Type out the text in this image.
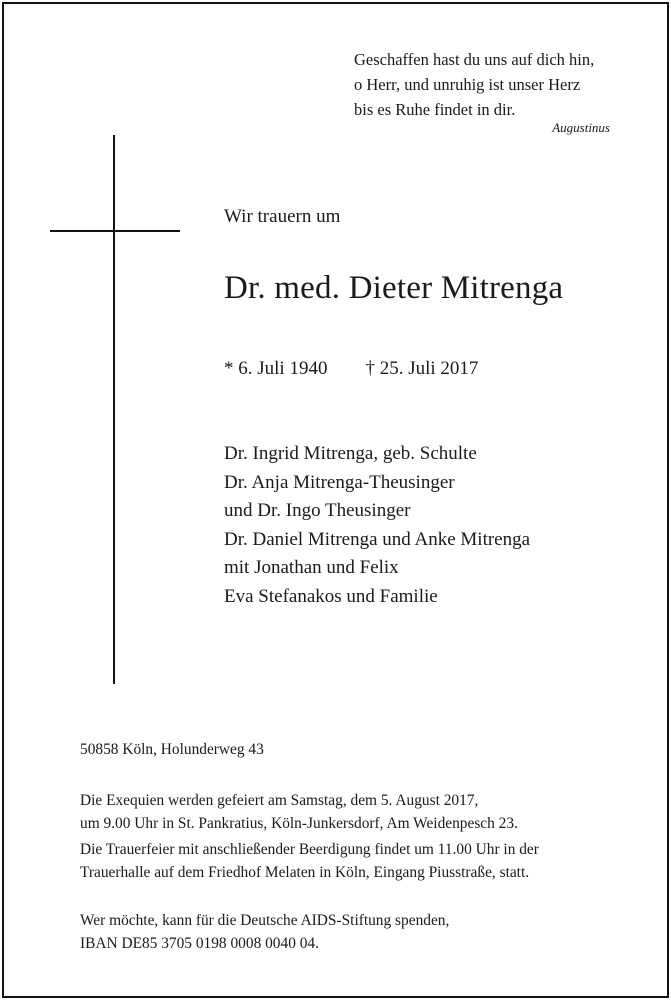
Geschaffen hast du uns auf dich hin,
o Herr, und unruhig ist unser Herz
bis es Ruhe findet in dir.
Augustinus
Wir trauern um
Dr. med. Dieter Mitrenga
* 6. Juli 1940 † 25. Juli 2017
Dr. Ingrid Mitrenga, geb. Schulte
Dr. Anja Mitrenga-Theusinger
und Dr. Ingo Theusinger
Dr. Daniel Mitrenga und Anke Mitrenga
mit Jonathan und Felix
Eva Stefanakos und Familie
50858 Köln, Holunderweg 43
Die Exequien werden gefeiert am Samstag, dem 5. August 2017,
um 9.00 Uhr in St. Pankratius, Köln-Junkersdorf, Am Weidenpesch 23.
Die Trauerfeier mit anschließender Beerdigung findet um 11.00 Uhr in der
Trauerhalle auf dem Friedhof Melaten in Köln, Eingang Piusstraße, statt.
Wer möchte, kann für die Deutsche AIDS-Stiftung spenden,
IBAN DE85 3705 0198 0008 0040 04.
